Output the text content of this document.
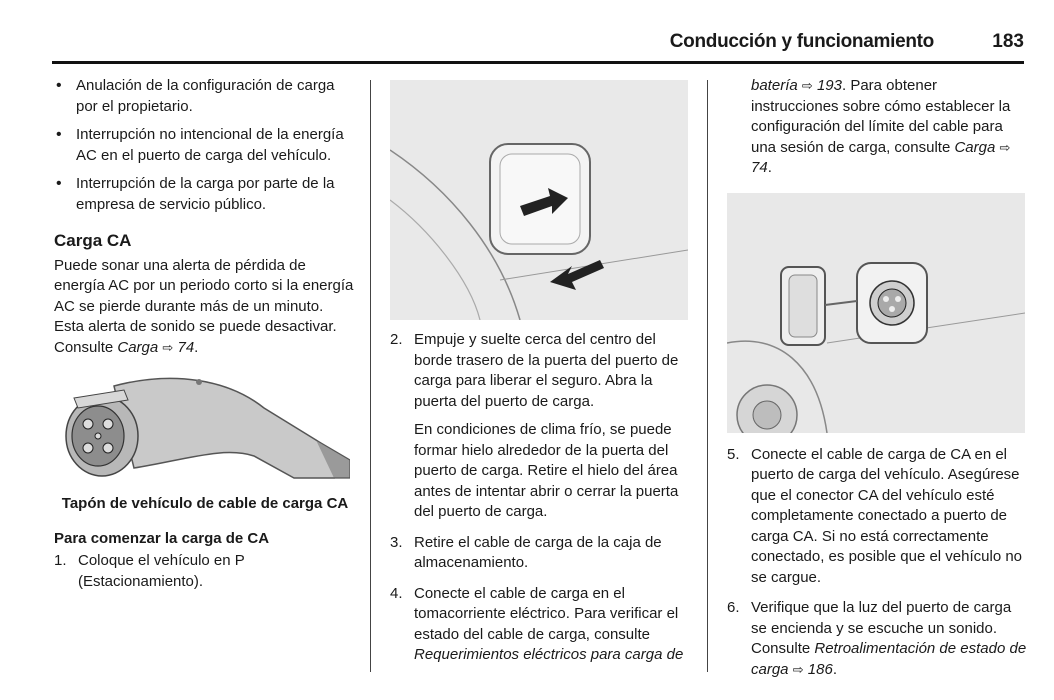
Conducción y funcionamiento	183
• Anulación de la configuración de carga por el propietario.
• Interrupción no intencional de la energía AC en el puerto de carga del vehículo.
• Interrupción de la carga por parte de la empresa de servicio público.
Carga CA

Puede sonar una alerta de pérdida de energía AC por un periodo corto si la energía AC se pierde durante más de un minuto. Esta alerta de sonido se puede desactivar. Consulte Carga ⇨ 74.

Tapón de vehículo de cable de carga CA
Para comenzar la carga de CA
1. Coloque el vehículo en P (Estacionamiento).
2. Empuje y suelte cerca del centro del borde trasero de la puerta del puerto de carga para liberar el seguro. Abra la puerta del puerto de carga.

En condiciones de clima frío, se puede formar hielo alrededor de la puerta del puerto de carga. Retire el hielo del área antes de intentar abrir o cerrar la puerta del puerto de carga.

3. Retire el cable de carga de la caja de almacenamiento.
4. Conecte el cable de carga en el tomacorriente eléctrico. Para verificar el estado del cable de carga, consulte Requerimientos eléctricos para carga de

batería ⇨ 193. Para obtener instrucciones sobre cómo establecer la configuración del límite del cable para una sesión de carga, consulte Carga ⇨ 74.

5. Conecte el cable de carga de CA en el puerto de carga del vehículo. Asegúrese que el conector CA del vehículo esté completamente conectado a puerto de carga CA. Si no está correctamente conectado, es posible que el vehículo no se cargue.
6. Verifique que la luz del puerto de carga se encienda y se escuche un sonido. Consulte Retroalimentación de estado de carga ⇨ 186.
